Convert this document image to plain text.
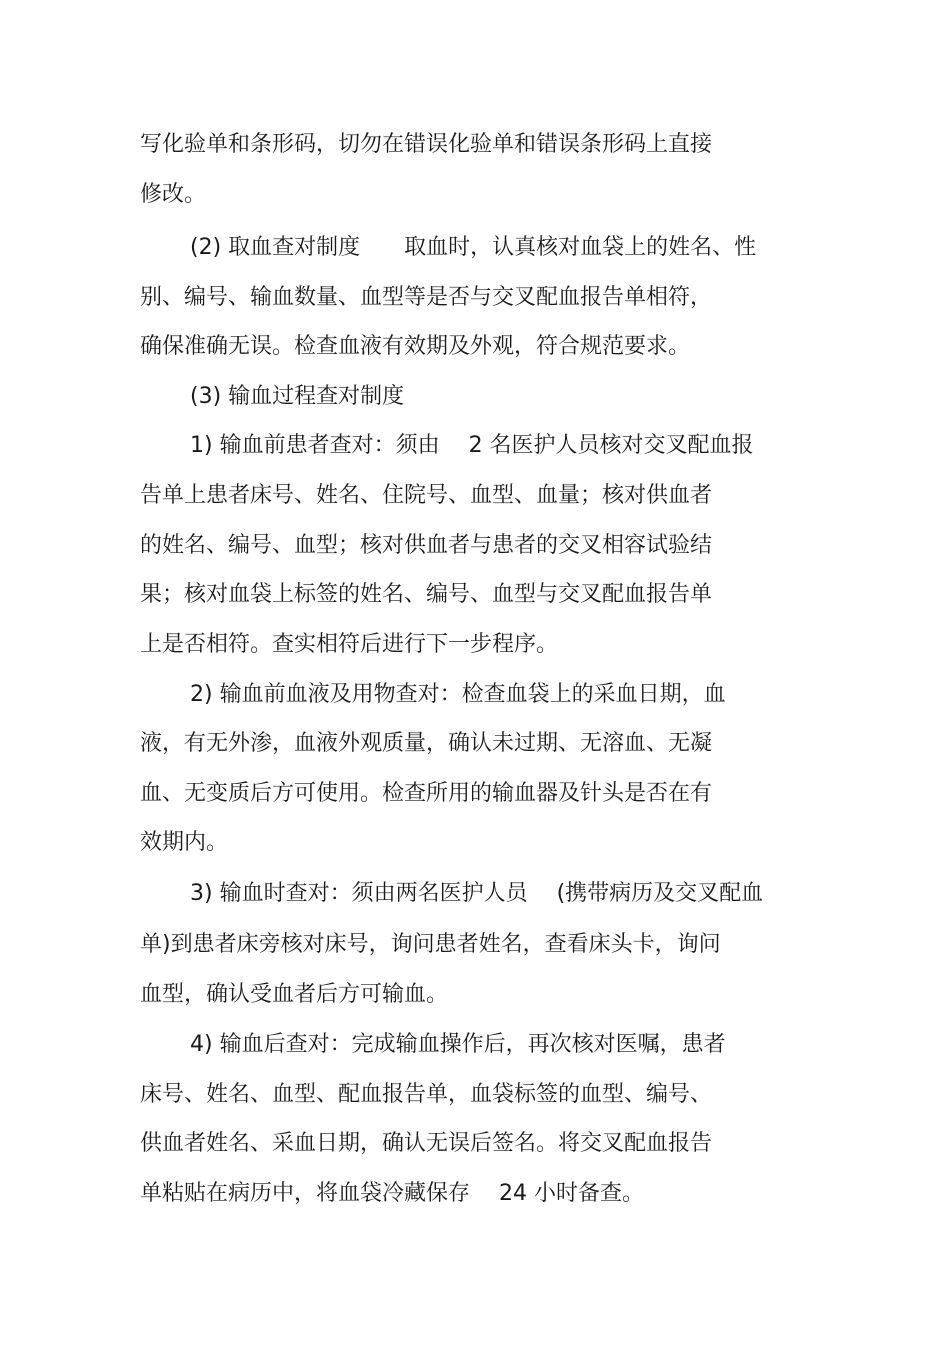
写化验单和条形码，切勿在错误化验单和错误条形码上直接
修改。
(2) 取血查对制度　　取血时，认真核对血袋上的姓名、性
别、编号、输血数量、血型等是否与交叉配血报告单相符，
确保准确无误。检查血液有效期及外观，符合规范要求。
(3) 输血过程查对制度
1) 输血前患者查对：须由　 2 名医护人员核对交叉配血报
告单上患者床号、姓名、住院号、血型、血量；核对供血者
的姓名、编号、血型；核对供血者与患者的交叉相容试验结
果；核对血袋上标签的姓名、编号、血型与交叉配血报告单
上是否相符。查实相符后进行下一步程序。
2) 输血前血液及用物查对：检查血袋上的采血日期，血
液，有无外渗，血液外观质量，确认未过期、无溶血、无凝
血、无变质后方可使用。检查所用的输血器及针头是否在有
效期内。
3) 输血时查对：须由两名医护人员　 (携带病历及交叉配血
单)到患者床旁核对床号，询问患者姓名，查看床头卡，询问
血型，确认受血者后方可输血。
4) 输血后查对：完成输血操作后，再次核对医嘱，患者
床号、姓名、血型、配血报告单，血袋标签的血型、编号、
供血者姓名、采血日期，确认无误后签名。将交叉配血报告
单粘贴在病历中，将血袋冷藏保存　 24 小时备查。
